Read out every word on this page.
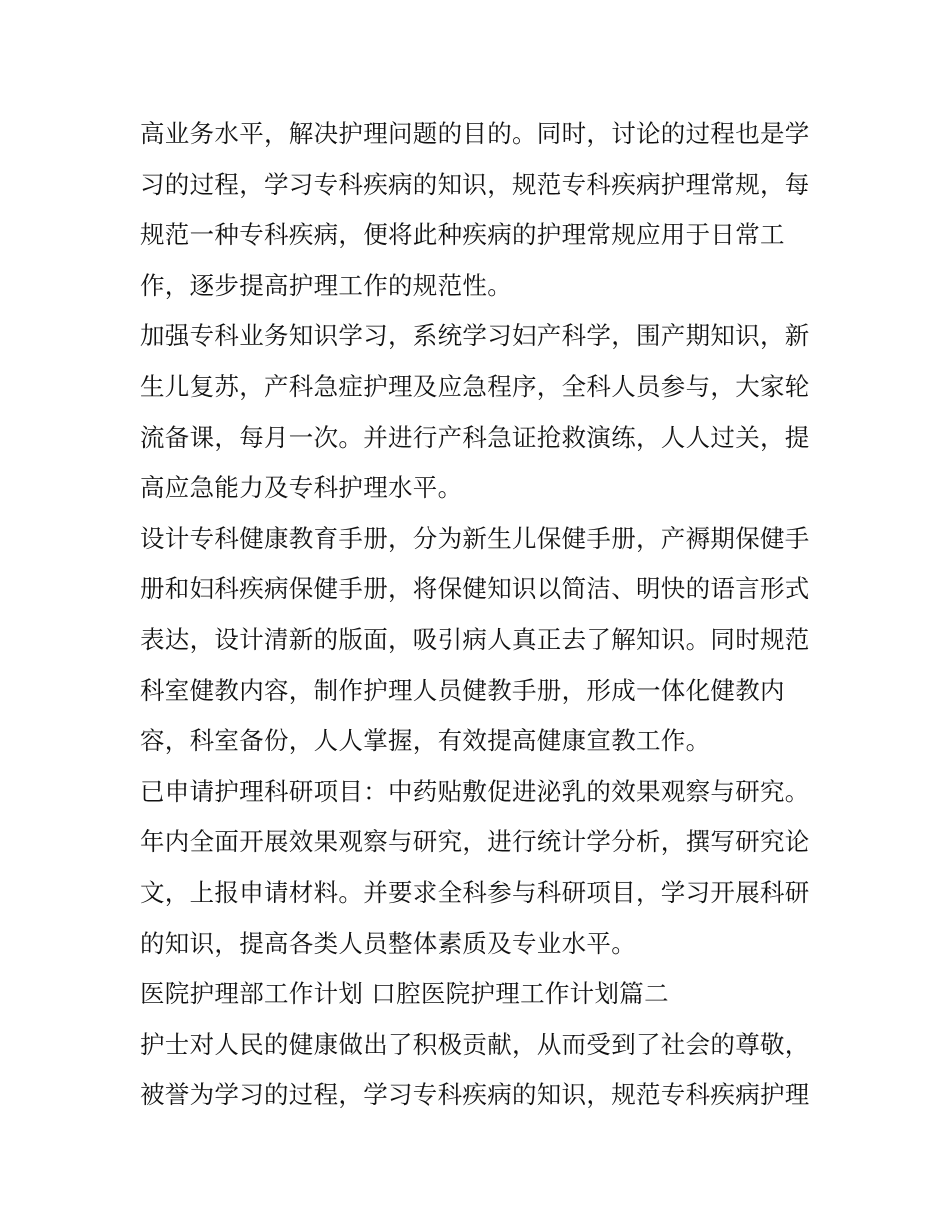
高业务水平，解决护理问题的目的。同时，讨论的过程也是学
习的过程，学习专科疾病的知识，规范专科疾病护理常规，每
规范一种专科疾病，便将此种疾病的护理常规应用于日常工
作，逐步提高护理工作的规范性。
加强专科业务知识学习，系统学习妇产科学，围产期知识，新
生儿复苏，产科急症护理及应急程序，全科人员参与，大家轮
流备课，每月一次。并进行产科急证抢救演练，人人过关，提
高应急能力及专科护理水平。
设计专科健康教育手册，分为新生儿保健手册，产褥期保健手
册和妇科疾病保健手册，将保健知识以简洁、明快的语言形式
表达，设计清新的版面，吸引病人真正去了解知识。同时规范
科室健教内容，制作护理人员健教手册，形成一体化健教内
容，科室备份，人人掌握，有效提高健康宣教工作。
已申请护理科研项目：中药贴敷促进泌乳的效果观察与研究。
年内全面开展效果观察与研究，进行统计学分析，撰写研究论
文，上报申请材料。并要求全科参与科研项目，学习开展科研
的知识，提高各类人员整体素质及专业水平。
医院护理部工作计划 口腔医院护理工作计划篇二
护士对人民的健康做出了积极贡献，从而受到了社会的尊敬，
被誉为学习的过程，学习专科疾病的知识，规范专科疾病护理
